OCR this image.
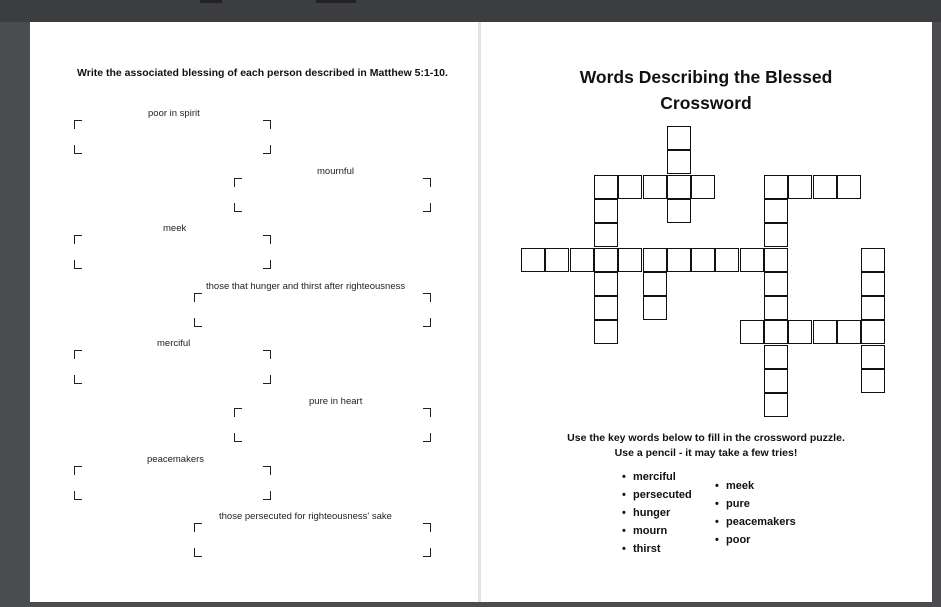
Write the associated blessing of each person described in Matthew 5:1-10.
poor in spirit
mournful
meek
those that hunger and thirst after righteousness
merciful
pure in heart
peacemakers
those persecuted for righteousness' sake
Words Describing the Blessed Crossword
Use the key words below to fill in the crossword puzzle.
Use a pencil - it may take a few tries!
• merciful
• persecuted
• hunger
• mourn
• thirst
• meek
• pure
• peacemakers
• poor
